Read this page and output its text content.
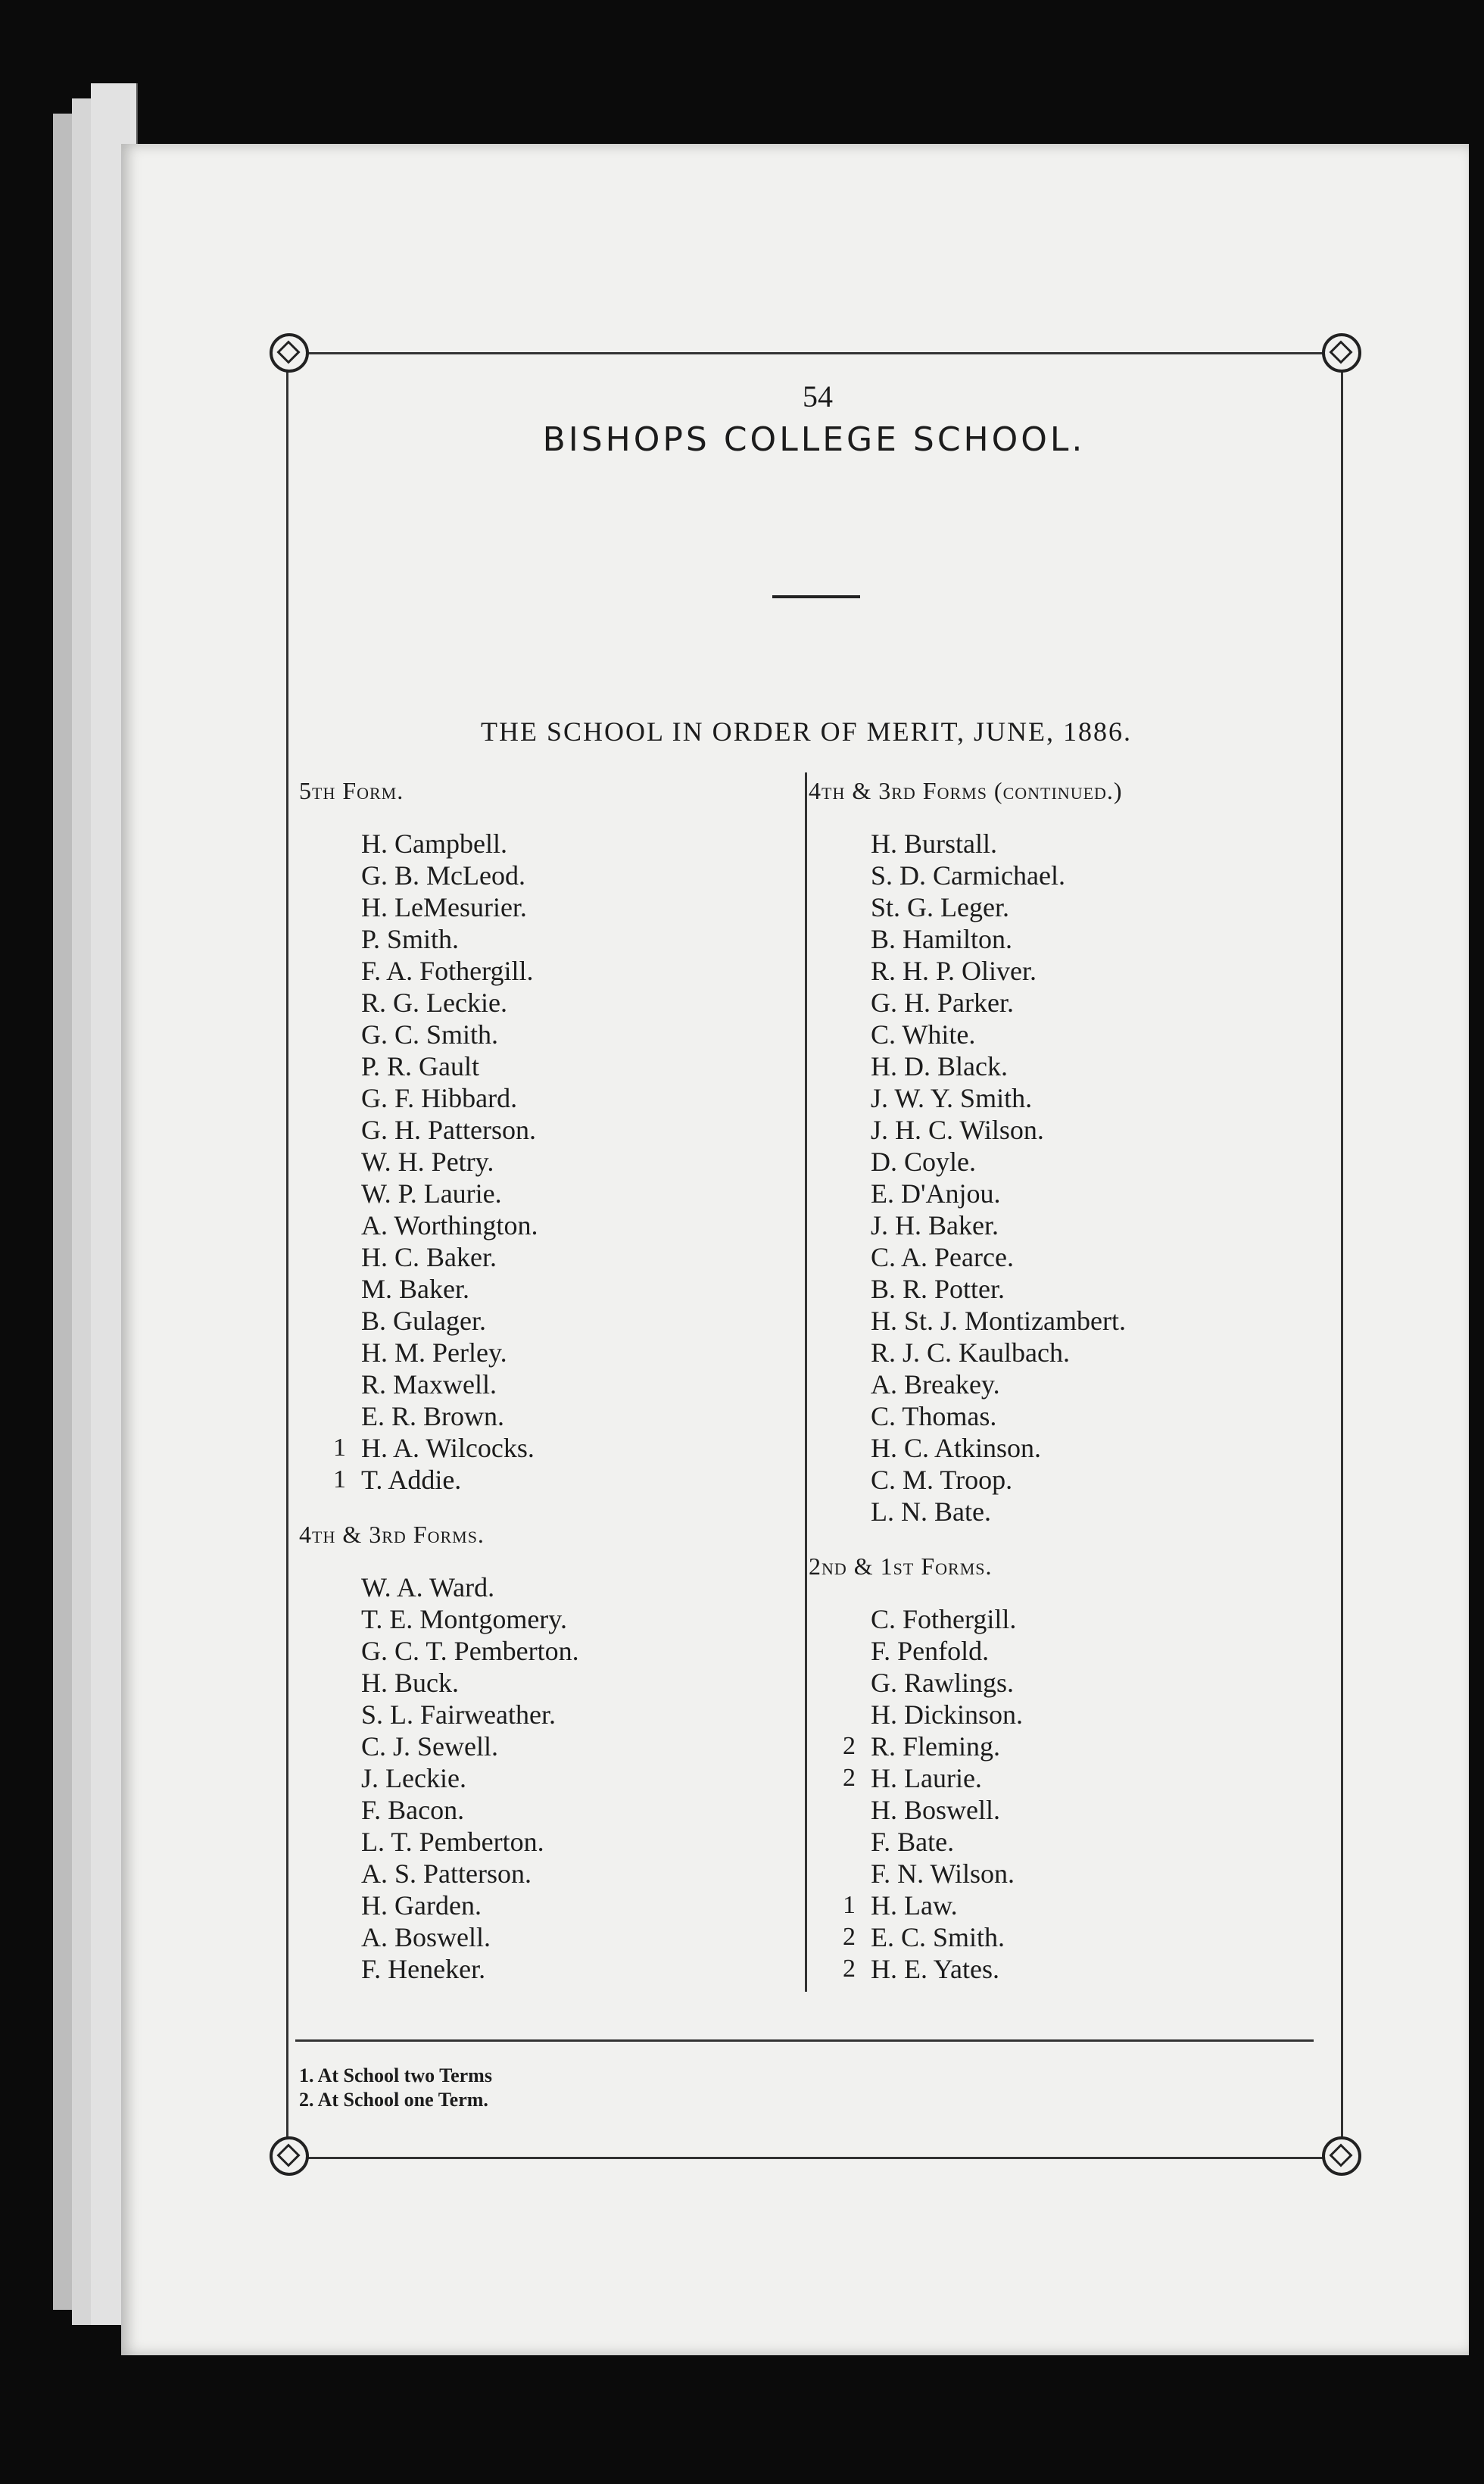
54
BISHOPS COLLEGE SCHOOL.
THE SCHOOL IN ORDER OF MERIT, JUNE, 1886.
5th Form.
H. Campbell.
G. B. McLeod.
H. LeMesurier.
P. Smith.
F. A. Fothergill.
R. G. Leckie.
G. C. Smith.
P. R. Gault
G. F. Hibbard.
G. H. Patterson.
W. H. Petry.
W. P. Laurie.
A. Worthington.
H. C. Baker.
M. Baker.
B. Gulager.
H. M. Perley.
R. Maxwell.
E. R. Brown.
1 H. A. Wilcocks.
1 T. Addie.
4th & 3rd Forms.
W. A. Ward.
T. E. Montgomery.
G. C. T. Pemberton.
H. Buck.
S. L. Fairweather.
C. J. Sewell.
J. Leckie.
F. Bacon.
L. T. Pemberton.
A. S. Patterson.
H. Garden.
A. Boswell.
F. Heneker.
4th & 3rd Forms (continued.)
H. Burstall.
S. D. Carmichael.
St. G. Leger.
B. Hamilton.
R. H. P. Oliver.
G. H. Parker.
C. White.
H. D. Black.
J. W. Y. Smith.
J. H. C. Wilson.
D. Coyle.
E. D'Anjou.
J. H. Baker.
C. A. Pearce.
B. R. Potter.
H. St. J. Montizambert.
R. J. C. Kaulbach.
A. Breakey.
C. Thomas.
H. C. Atkinson.
C. M. Troop.
L. N. Bate.
2nd & 1st Forms.
C. Fothergill.
F. Penfold.
G. Rawlings.
H. Dickinson.
2 R. Fleming.
2 H. Laurie.
H. Boswell.
F. Bate.
F. N. Wilson.
1 H. Law.
2 E. C. Smith.
2 H. E. Yates.
1. At School two Terms
2. At School one Term.
